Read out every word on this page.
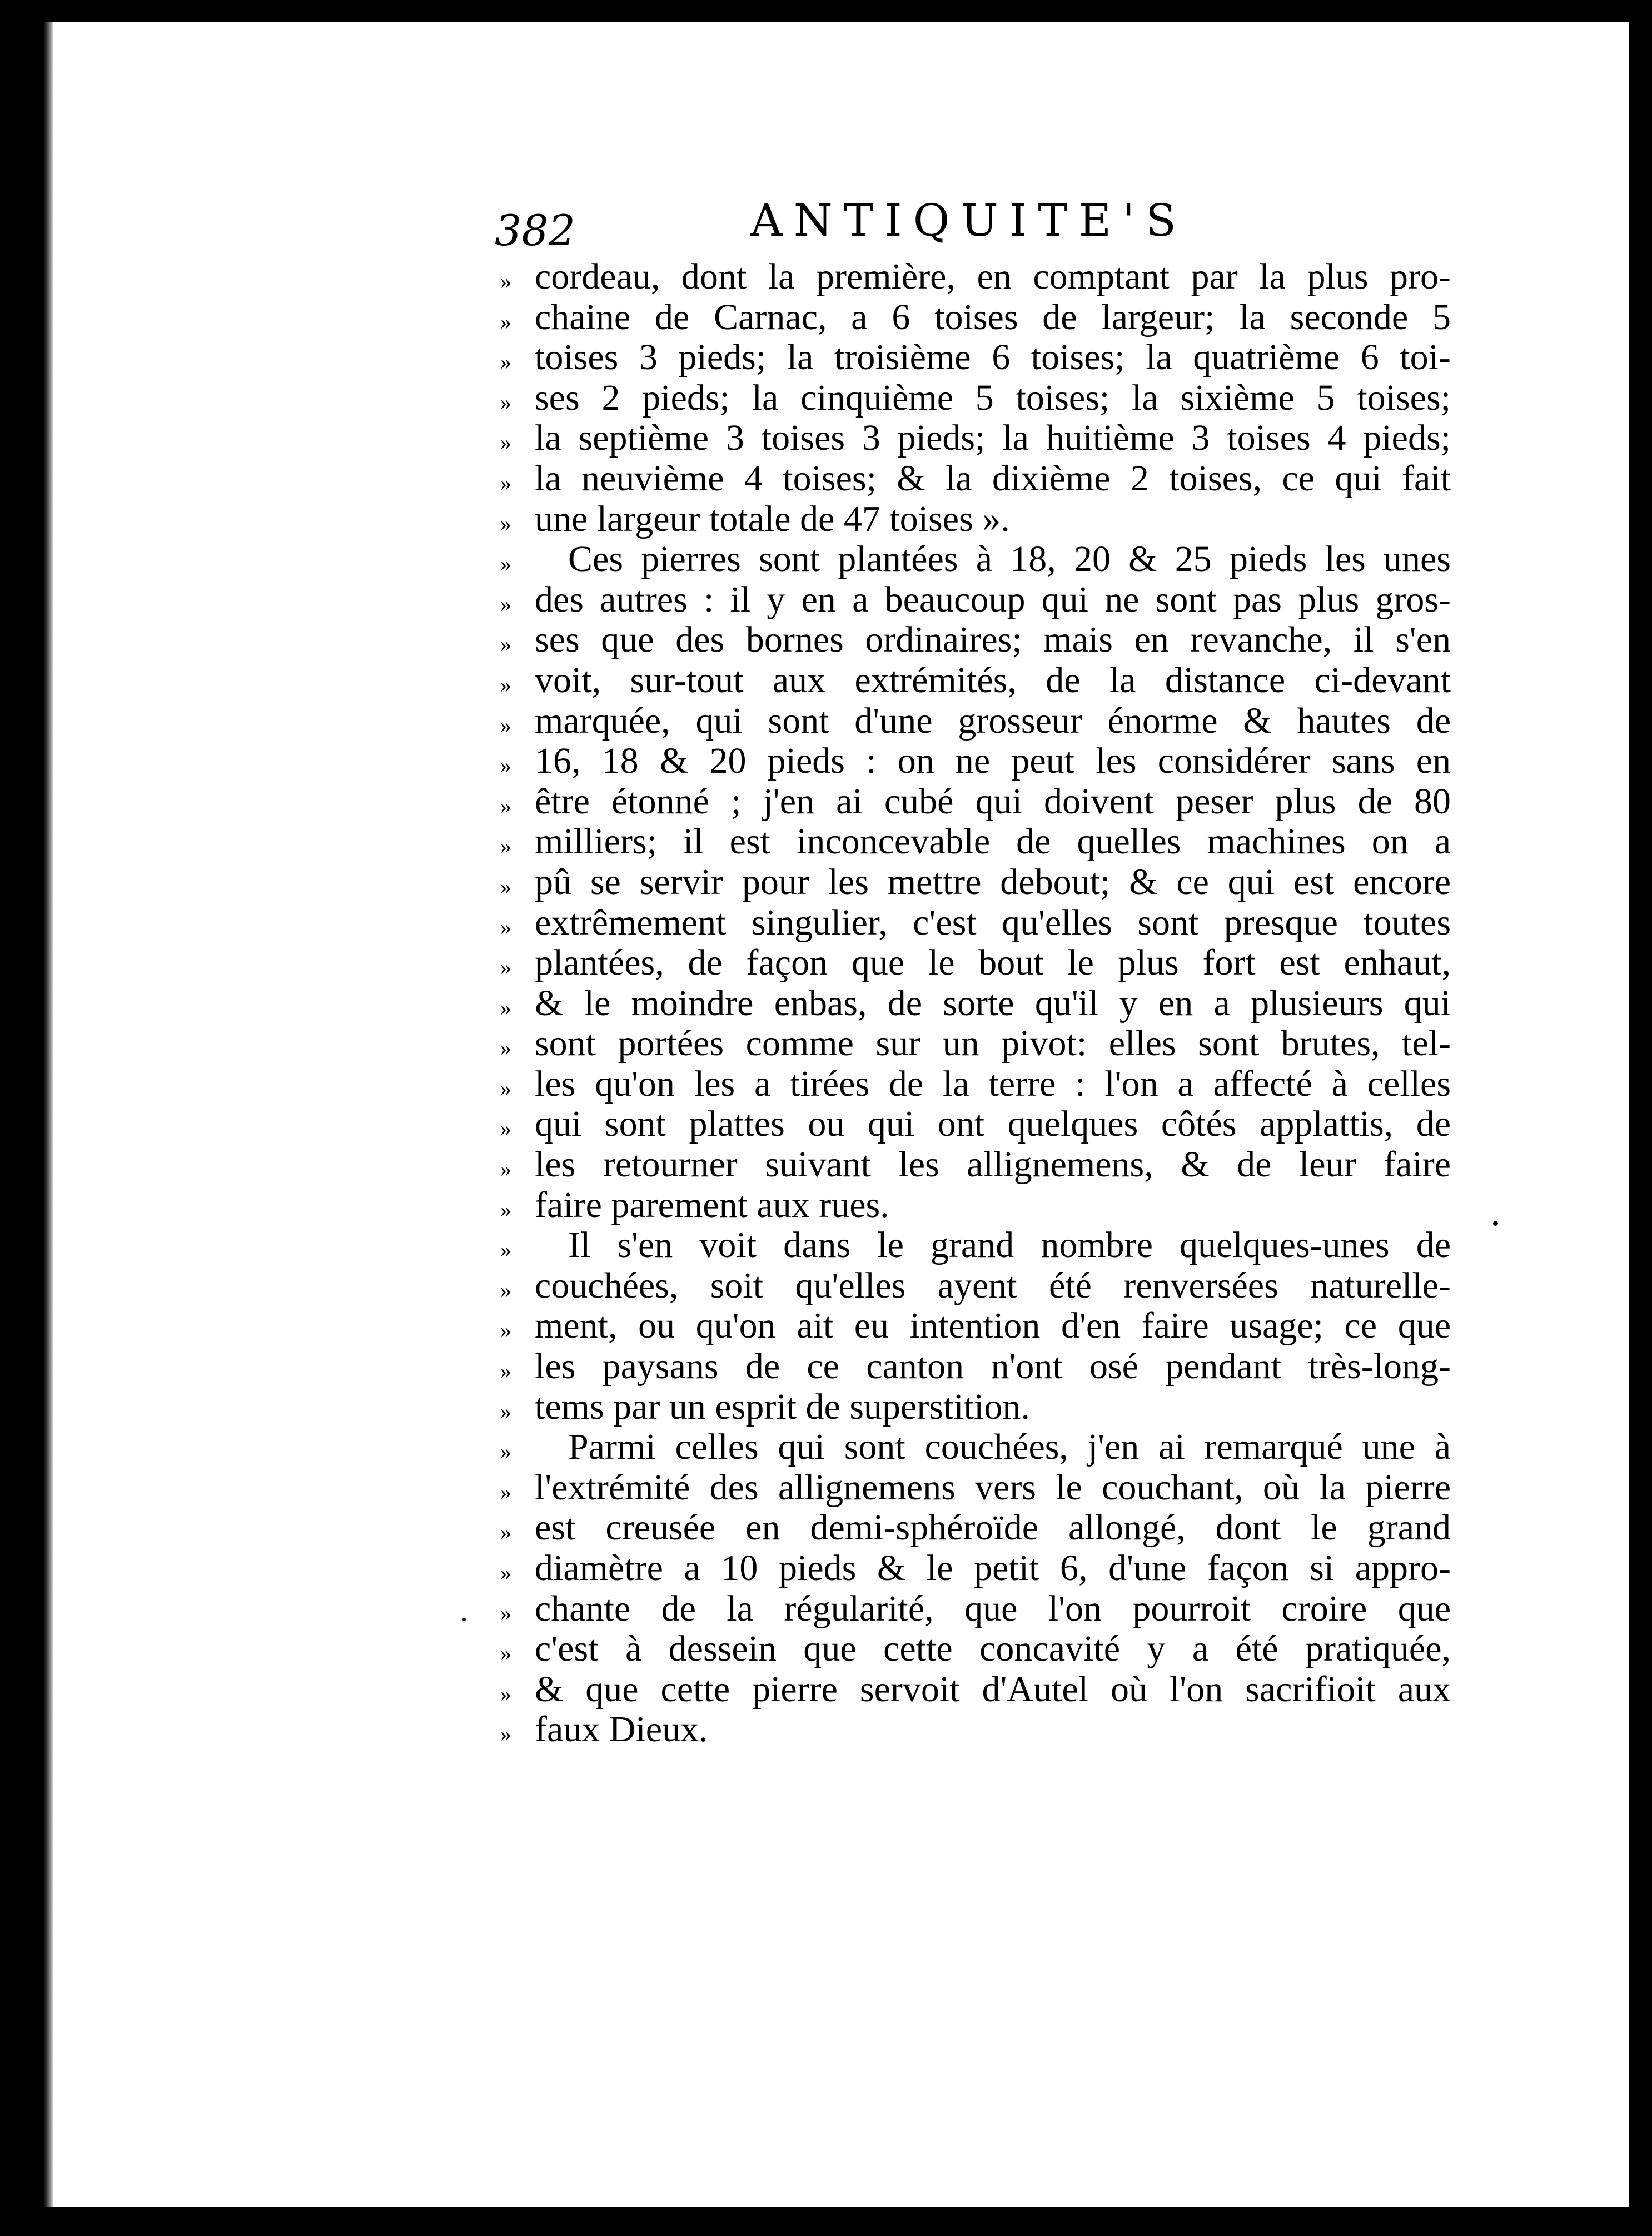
382	ANTIQUITE'S
» cordeau, dont la première, en comptant par la plus pro-
» chaine de Carnac, a 6 toises de largeur; la seconde 5
» toises 3 pieds; la troisième 6 toises; la quatrième 6 toi-
» ses 2 pieds; la cinquième 5 toises; la sixième 5 toises;
» la septième 3 toises 3 pieds; la huitième 3 toises 4 pieds;
» la neuvième 4 toises; & la dixième 2 toises, ce qui fait
» une largeur totale de 47 toises ».
»	Ces pierres sont plantées à 18, 20 & 25 pieds les unes
» des autres : il y en a beaucoup qui ne sont pas plus gros-
» ses que des bornes ordinaires; mais en revanche, il s'en
» voit, sur-tout aux extrémités, de la distance ci-devant
» marquée, qui sont d'une grosseur énorme & hautes de
» 16, 18 & 20 pieds : on ne peut les considérer sans en
» être étonné ; j'en ai cubé qui doivent peser plus de 80
» milliers; il est inconcevable de quelles machines on a
» pû se servir pour les mettre debout; & ce qui est encore
» extrêmement singulier, c'est qu'elles sont presque toutes
» plantées, de façon que le bout le plus fort est enhaut,
» & le moindre enbas, de sorte qu'il y en a plusieurs qui
» sont portées comme sur un pivot: elles sont brutes, tel-
» les qu'on les a tirées de la terre : l'on a affecté à celles
» qui sont plattes ou qui ont quelques côtés applattis, de
» les retourner suivant les allignemens, & de leur faire
» faire parement aux rues.
»	Il s'en voit dans le grand nombre quelques-unes de
» couchées, soit qu'elles ayent été renversées naturelle-
» ment, ou qu'on ait eu intention d'en faire usage; ce que
» les paysans de ce canton n'ont osé pendant très-long-
» tems par un esprit de superstition.
»	Parmi celles qui sont couchées, j'en ai remarqué une à
» l'extrémité des allignemens vers le couchant, où la pierre
» est creusée en demi-sphéroïde allongé, dont le grand
» diamètre a 10 pieds & le petit 6, d'une façon si appro-
» chante de la régularité, que l'on pourroit croire que
» c'est à dessein que cette concavité y a été pratiquée,
» & que cette pierre servoit d'Autel où l'on sacrifioit aux
» faux Dieux.
